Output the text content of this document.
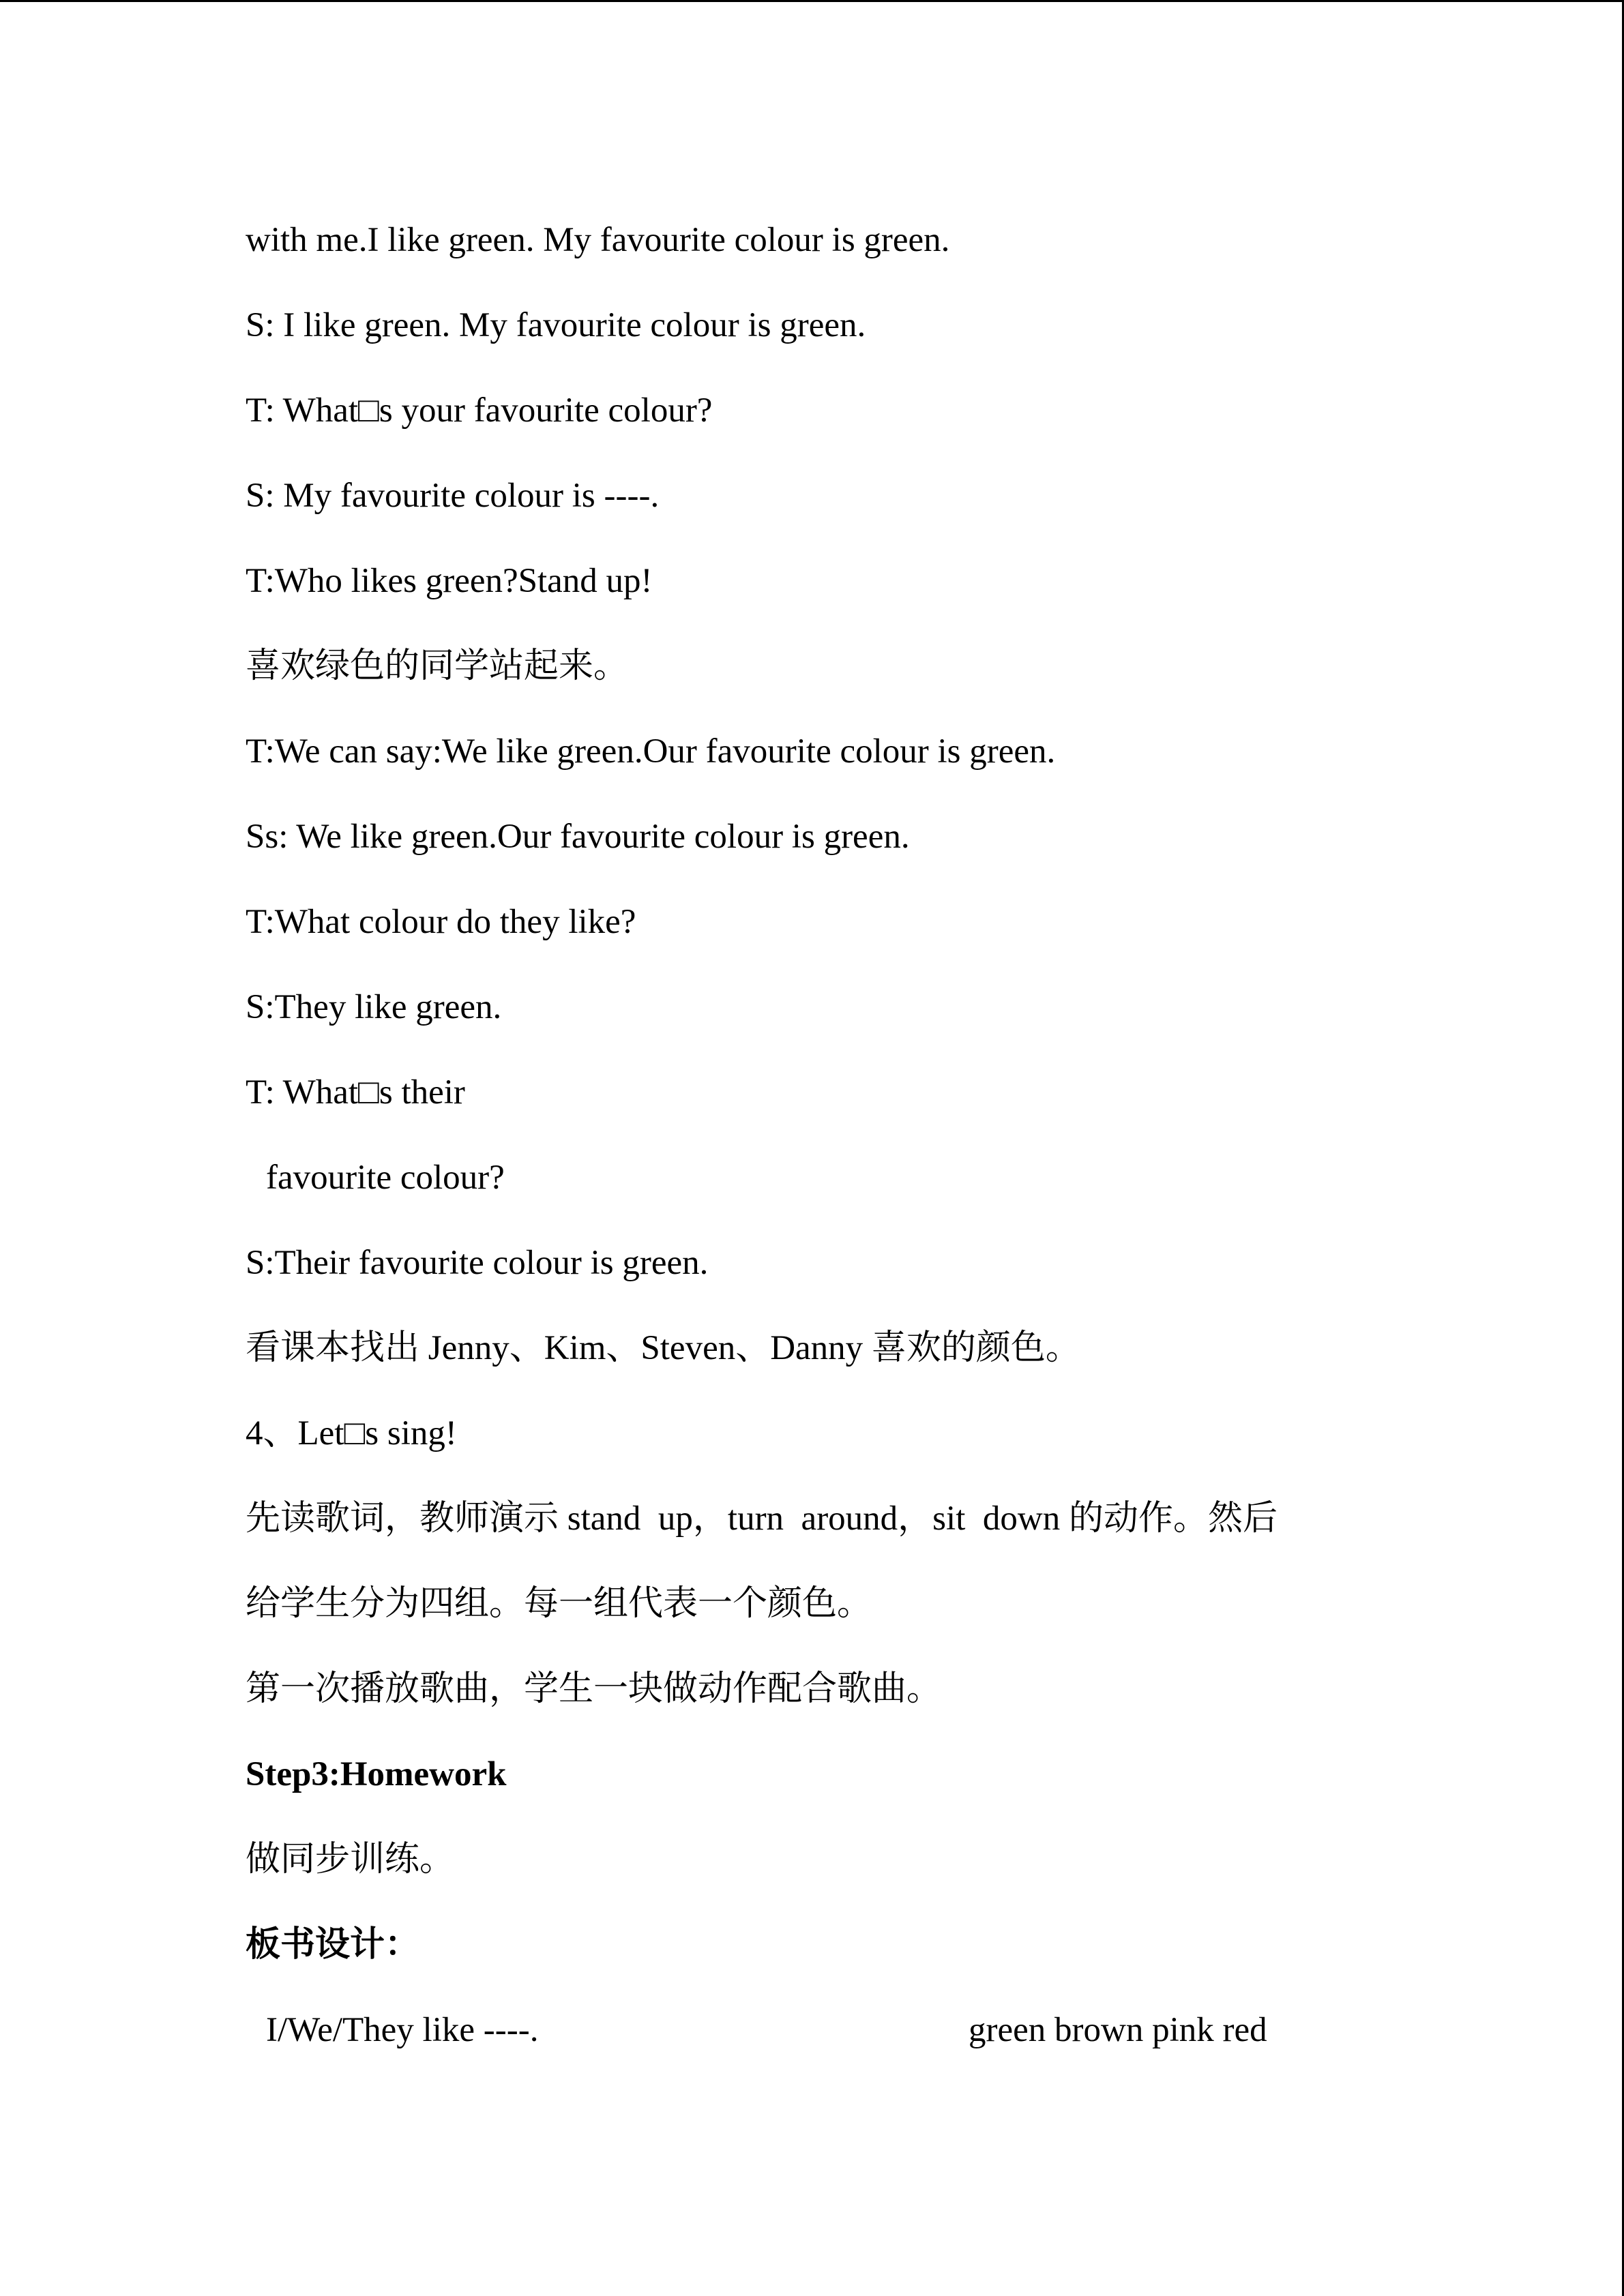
with me.I like green. My favourite colour is green.
S: I like green. My favourite colour is green.
T: What□s your favourite colour?
S: My favourite colour is ----.
T:Who likes green?Stand up!
喜欢绿色的同学站起来。
T:We can say:We like green.Our favourite colour is green.
Ss: We like green.Our favourite colour is green.
T:What colour do they like?
S:They like green.
T: What□s their
favourite colour?
S:Their favourite colour is green.
看课本找出 Jenny、Kim、Steven、Danny 喜欢的颜色。
4、Let□s sing!
先读歌词，教师演示 stand  up，turn  around，sit  down 的动作。然后
给学生分为四组。每一组代表一个颜色。
第一次播放歌曲，学生一块做动作配合歌曲。
Step3:Homework
做同步训练。
板书设计：
I/We/They like ----.	green brown pink red
